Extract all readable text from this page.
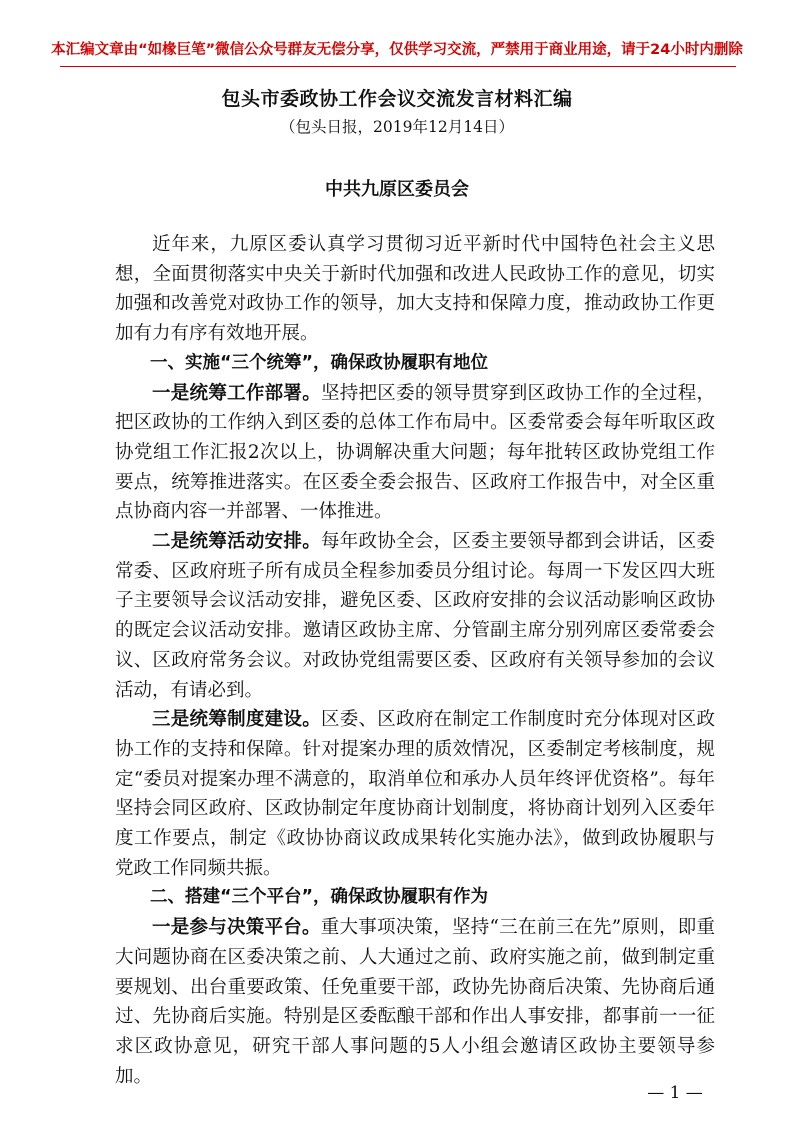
本汇编文章由“如椽巨笔”微信公众号群友无偿分享，仅供学习交流，严禁用于商业用途，请于24小时内删除
包头市委政协工作会议交流发言材料汇编
（包头日报，2019年12月14日）
中共九原区委员会

近年来，九原区委认真学习贯彻习近平新时代中国特色社会主义思想，全面贯彻落实中央关于新时代加强和改进人民政协工作的意见，切实加强和改善党对政协工作的领导，加大支持和保障力度，推动政协工作更加有力有序有效地开展。

一、实施“三个统筹”，确保政协履职有地位

一是统筹工作部署。坚持把区委的领导贯穿到区政协工作的全过程，把区政协的工作纳入到区委的总体工作布局中。区委常委会每年听取区政协党组工作汇报2次以上，协调解决重大问题；每年批转区政协党组工作要点，统筹推进落实。在区委全委会报告、区政府工作报告中，对全区重点协商内容一并部署、一体推进。

二是统筹活动安排。每年政协全会，区委主要领导都到会讲话，区委常委、区政府班子所有成员全程参加委员分组讨论。每周一下发区四大班子主要领导会议活动安排，避免区委、区政府安排的会议活动影响区政协的既定会议活动安排。邀请区政协主席、分管副主席分别列席区委常委会议、区政府常务会议。对政协党组需要区委、区政府有关领导参加的会议活动，有请必到。

三是统筹制度建设。区委、区政府在制定工作制度时充分体现对区政协工作的支持和保障。针对提案办理的质效情况，区委制定考核制度，规定“委员对提案办理不满意的，取消单位和承办人员年终评优资格”。每年坚持会同区政府、区政协制定年度协商计划制度，将协商计划列入区委年度工作要点，制定《政协协商议政成果转化实施办法》，做到政协履职与党政工作同频共振。

二、搭建“三个平台”，确保政协履职有作为

一是参与决策平台。重大事项决策，坚持“三在前三在先”原则，即重大问题协商在区委决策之前、人大通过之前、政府实施之前，做到制定重要规划、出台重要政策、任免重要干部，政协先协商后决策、先协商后通过、先协商后实施。特别是区委酝酿干部和作出人事安排，都事前一一征求区政协意见，研究干部人事问题的5人小组会邀请区政协主要领导参加。

— 1 —
